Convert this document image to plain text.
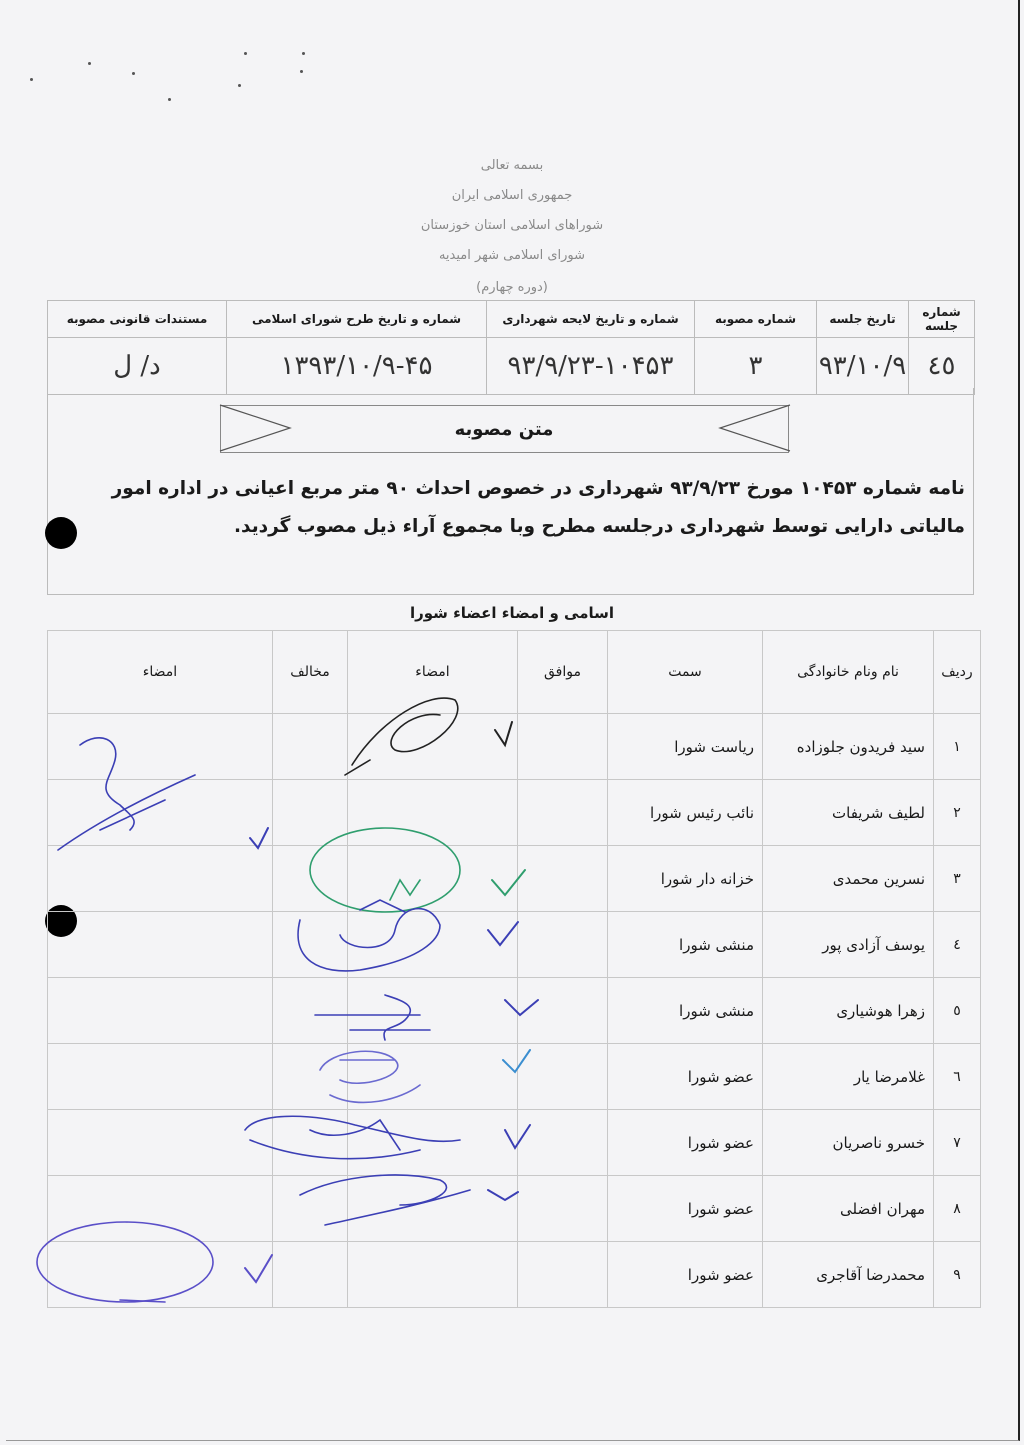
بسمه تعالی
جمهوری اسلامی ایران
شوراهای اسلامی استان خوزستان
شورای اسلامی شهر امیدیه
(دوره چهارم)
شماره جلسه	تاریخ جلسه	شماره مصوبه	شماره و تاریخ لایحه شهرداری	شماره و تاریخ طرح شورای اسلامی	مستندات قانونی مصوبه
٤٥	۹۳/۱۰/۹	٣	۹۳/۹/۲۳-۱۰۴۵۳	۱۳۹۳/۱۰/۹-۴۵	د/ ل
متن مصوبه
نامه شماره ۱۰۴۵۳ مورخ ۹۳/۹/۲۳ شهرداری در خصوص احداث ۹۰ متر مربع اعیانی در اداره امور مالیاتی دارایی توسط شهرداری درجلسه مطرح وبا مجموع آراء ذیل مصوب گردید.
اسامی و امضاء اعضاء شورا
ردیف	نام ونام خانوادگی	سمت	موافق	امضاء	مخالف	امضاء
۱	سید فریدون جلوزاده	ریاست شورا				
۲	لطیف شریفات	نائب رئیس شورا				
۳	نسرین محمدی	خزانه دار شورا				
٤	یوسف آزادی پور	منشی شورا				
٥	زهرا هوشیاری	منشی شورا				
٦	غلامرضا یار	عضو شورا				
۷	خسرو ناصریان	عضو شورا				
۸	مهران افضلی	عضو شورا				
۹	محمدرضا آقاجری	عضو شورا				
